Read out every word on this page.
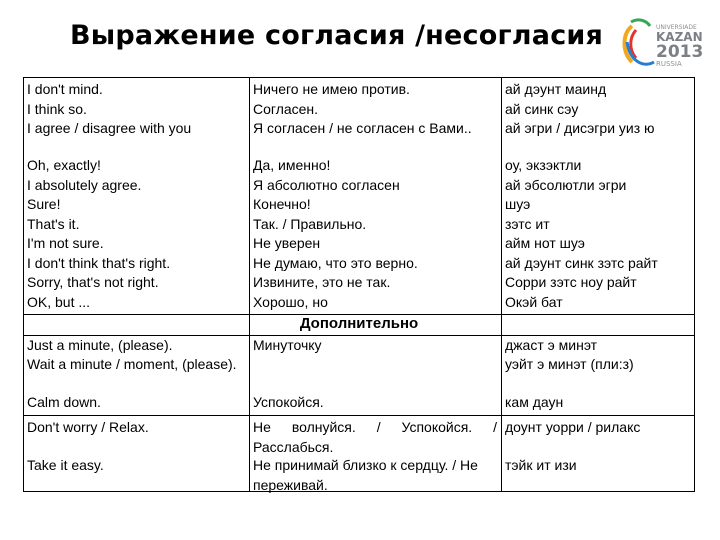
Выражение согласия /несогласия	UNIVERSIADE
KAZAN
2013
RUSSIA
I don't mind.
I think so.
I agree / disagree with you
Ничего не имею против.
Согласен.
Я согласен / не согласен с Вами..
ай дэунт маинд
ай синк сэу
ай эгри / дисэгри уиз ю
Oh, exactly!
I absolutely agree.
Sure!
That's it.
I'm not sure.
I don't think that's right.
Sorry, that's not right.
OK, but ...
Да, именно!
Я абсолютно согласен
Конечно!
Так. / Правильно.
Не уверен
Не думаю, что это верно.
Извините, это не так.
Хорошо, но
оу, экзэктли
ай эбсолютли эгри
шуэ
зэтс ит
айм нот шуэ
ай дэунт синк зэтс райт
Сорри зэтс ноу райт
Окэй бат
Дополнительно
Just a minute, (please).
Wait a minute / moment, (please).
Calm down.
Минуточку
Успокойся.
джаст э минэт
уэйт э минэт (пли:з)
кам даун
Don't worry / Relax.
Take it easy.
Не волнуйся. / Успокойся. / Расслабься.
Не принимай близко к сердцу. / Не переживай.
доунт уорри / рилакс
тэйк ит изи
